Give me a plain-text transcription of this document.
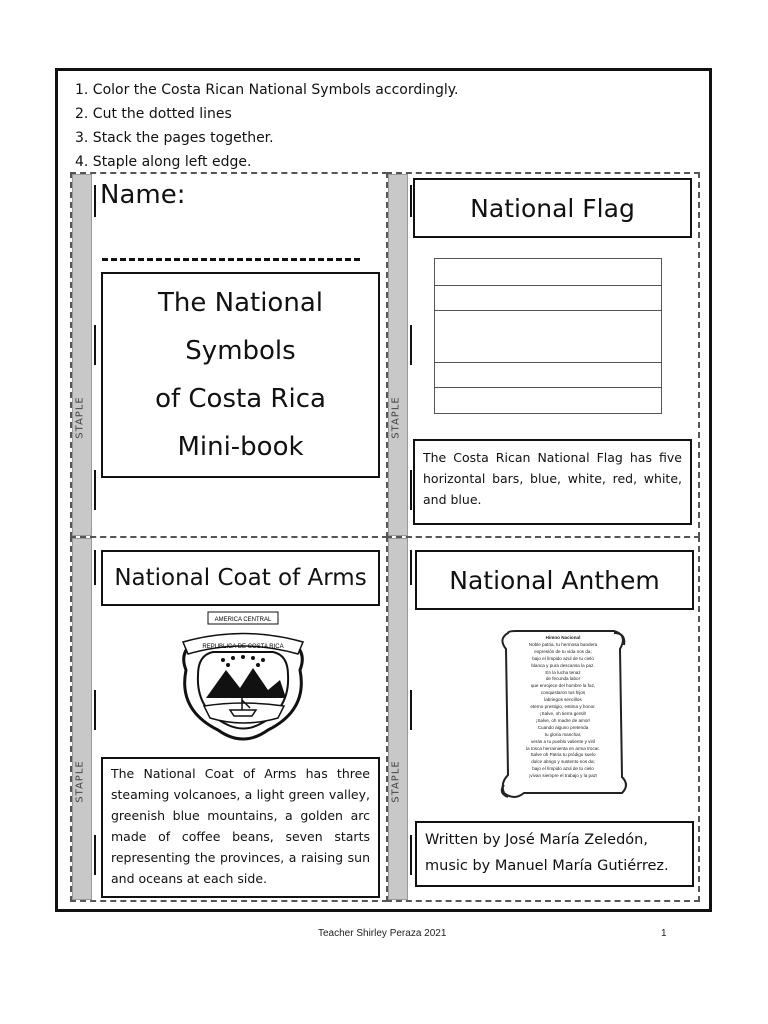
1. Color the Costa Rican National Symbols accordingly.
2. Cut the dotted lines
3. Stack the pages together.
4. Staple along left edge.
STAPLE	STAPLE
STAPLE	STAPLE
Name:
The National
Symbols
of Costa Rica
Mini-book
National Flag
The Costa Rican National Flag has five horizontal bars, blue, white, red, white, and blue.
National Coat of Arms
AMERICA CENTRAL
REPUBLICA DE COSTA RICA
The National Coat of Arms has three steaming volcanoes, a light green valley, greenish blue mountains, a golden arc made of coffee beans, seven starts representing the provinces, a raising sun and oceans at each side.
National Anthem
Himno Nacional
Noble patria, tu hermosa bandera
expresión de tu vida nos da;
bajo el límpido azul de tu cielo
blanca y pura descansa la paz.
En la lucha tenaz
de fecunda labor
que enrojece del hombre la faz,
conquistaron tus hijos
labriegos sencillos
eterno prestigio, estima y honor.
¡Salve, oh tierra gentil!
¡Salve, oh madre de amor!
Cuando alguno pretenda
tu gloria manchar,
verás a tu pueblo valiente y viril
la tosca herramienta en arma trocar.
Salve oh Patria tu pródigo suelo
dulce abrigo y sustento nos da;
bajo el límpido azul de tu cielo
¡vivan siempre el trabajo y la paz!
Written by José María Zeledón, music by Manuel María Gutiérrez.
Teacher Shirley Peraza 2021	1
